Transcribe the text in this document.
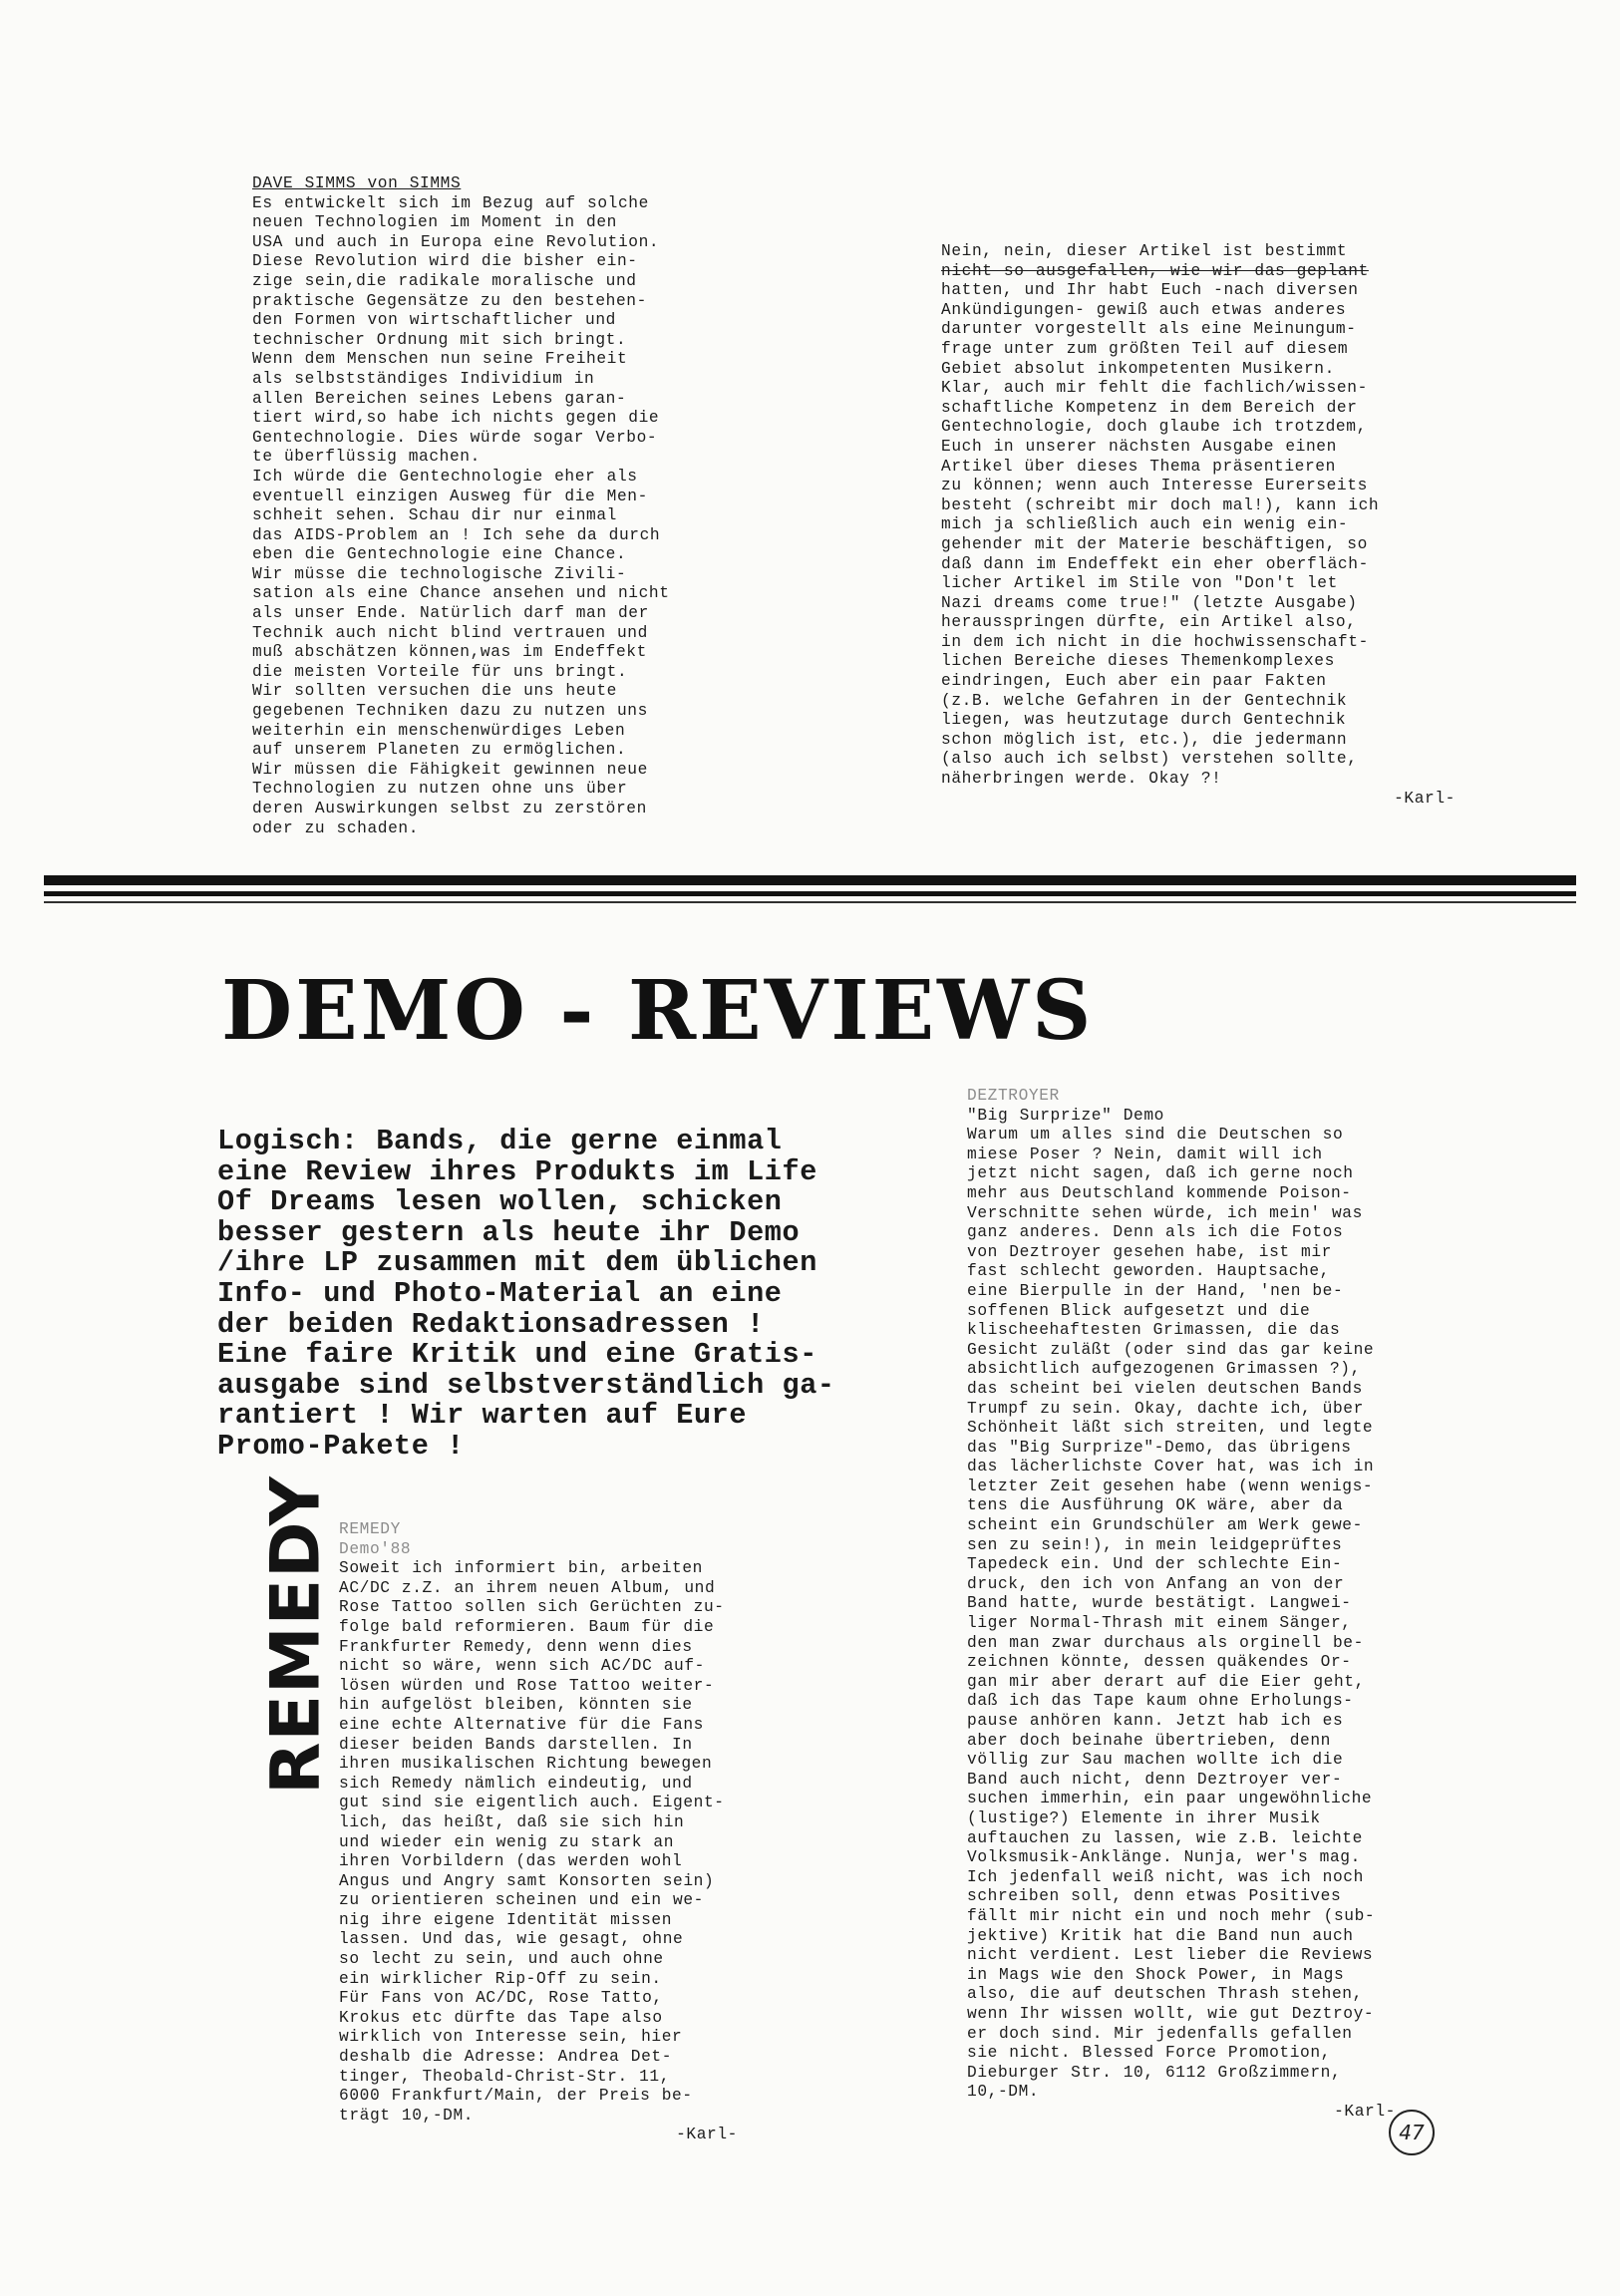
DAVE SIMMS von SIMMS
Es entwickelt sich im Bezug auf solche
neuen Technologien im Moment in den
USA und auch in Europa eine Revolution.
Diese Revolution wird die bisher ein-
zige sein,die radikale moralische und
praktische Gegensätze zu den bestehen-
den Formen von wirtschaftlicher und
technischer Ordnung mit sich bringt.
Wenn dem Menschen nun seine Freiheit
als selbstständiges Individium in
allen Bereichen seines Lebens garan-
tiert wird,so habe ich nichts gegen die
Gentechnologie. Dies würde sogar Verbo-
te überflüssig machen.
Ich würde die Gentechnologie eher als
eventuell einzigen Ausweg für die Men-
schheit sehen. Schau dir nur einmal
das AIDS-Problem an ! Ich sehe da durch
eben die Gentechnologie eine Chance.
Wir müsse die technologische Zivili-
sation als eine Chance ansehen und nicht
als unser Ende. Natürlich darf man der
Technik auch nicht blind vertrauen und
muß abschätzen können,was im Endeffekt
die meisten Vorteile für uns bringt.
Wir sollten versuchen die uns heute
gegebenen Techniken dazu zu nutzen uns
weiterhin ein menschenwürdiges Leben
auf unserem Planeten zu ermöglichen.
Wir müssen die Fähigkeit gewinnen neue
Technologien zu nutzen ohne uns über
deren Auswirkungen selbst zu zerstören
oder zu schaden.
Nein, nein, dieser Artikel ist bestimmt
nicht so ausgefallen, wie wir das geplant
hatten, und Ihr habt Euch -nach diversen
Ankündigungen- gewiß auch etwas anderes
darunter vorgestellt als eine Meinungum-
frage unter zum größten Teil auf diesem
Gebiet absolut inkompetenten Musikern.
Klar, auch mir fehlt die fachlich/wissen-
schaftliche Kompetenz in dem Bereich der
Gentechnologie, doch glaube ich trotzdem,
Euch in unserer nächsten Ausgabe einen
Artikel über dieses Thema präsentieren
zu können; wenn auch Interesse Eurerseits
besteht (schreibt mir doch mal!), kann ich
mich ja schließlich auch ein wenig ein-
gehender mit der Materie beschäftigen, so
daß dann im Endeffekt ein eher oberfläch-
licher Artikel im Stile von "Don't let
Nazi dreams come true!" (letzte Ausgabe)
herausspringen dürfte, ein Artikel also,
in dem ich nicht in die hochwissenschaft-
lichen Bereiche dieses Themenkomplexes
eindringen, Euch aber ein paar Fakten
(z.B. welche Gefahren in der Gentechnik
liegen, was heutzutage durch Gentechnik
schon möglich ist, etc.), die jedermann
(also auch ich selbst) verstehen sollte,
näherbringen werde. Okay ?!
-Karl-
DEMO - REVIEWS
Logisch: Bands, die gerne einmal
eine Review ihres Produkts im Life
Of Dreams lesen wollen, schicken
besser gestern als heute ihr Demo
/ihre LP zusammen mit dem üblichen
Info- und Photo-Material an eine
der beiden Redaktionsadressen !
Eine faire Kritik und eine Gratis-
ausgabe sind selbstverständlich ga-
rantiert ! Wir warten auf Eure
Promo-Pakete !
REMEDY REMEDY
Demo'88
Soweit ich informiert bin, arbeiten
AC/DC z.Z. an ihrem neuen Album, und
Rose Tattoo sollen sich Gerüchten zu-
folge bald reformieren. Baum für die
Frankfurter Remedy, denn wenn dies
nicht so wäre, wenn sich AC/DC auf-
lösen würden und Rose Tattoo weiter-
hin aufgelöst bleiben, könnten sie
eine echte Alternative für die Fans
dieser beiden Bands darstellen. In
ihren musikalischen Richtung bewegen
sich Remedy nämlich eindeutig, und
gut sind sie eigentlich auch. Eigent-
lich, das heißt, daß sie sich hin
und wieder ein wenig zu stark an
ihren Vorbildern (das werden wohl
Angus und Angry samt Konsorten sein)
zu orientieren scheinen und ein we-
nig ihre eigene Identität missen
lassen. Und das, wie gesagt, ohne
so lecht zu sein, und auch ohne
ein wirklicher Rip-Off zu sein.
Für Fans von AC/DC, Rose Tatto,
Krokus etc dürfte das Tape also
wirklich von Interesse sein, hier
deshalb die Adresse: Andrea Det-
tinger, Theobald-Christ-Str. 11,
6000 Frankfurt/Main, der Preis be-
trägt 10,-DM.
-Karl-
DEZTROYER
"Big Surprize" Demo
Warum um alles sind die Deutschen so
miese Poser ? Nein, damit will ich
jetzt nicht sagen, daß ich gerne noch
mehr aus Deutschland kommende Poison-
Verschnitte sehen würde, ich mein' was
ganz anderes. Denn als ich die Fotos
von Deztroyer gesehen habe, ist mir
fast schlecht geworden. Hauptsache,
eine Bierpulle in der Hand, 'nen be-
soffenen Blick aufgesetzt und die
klischeehaftesten Grimassen, die das
Gesicht zuläßt (oder sind das gar keine
absichtlich aufgezogenen Grimassen ?),
das scheint bei vielen deutschen Bands
Trumpf zu sein. Okay, dachte ich, über
Schönheit läßt sich streiten, und legte
das "Big Surprize"-Demo, das übrigens
das lächerlichste Cover hat, was ich in
letzter Zeit gesehen habe (wenn wenigs-
tens die Ausführung OK wäre, aber da
scheint ein Grundschüler am Werk gewe-
sen zu sein!), in mein leidgeprüftes
Tapedeck ein. Und der schlechte Ein-
druck, den ich von Anfang an von der
Band hatte, wurde bestätigt. Langwei-
liger Normal-Thrash mit einem Sänger,
den man zwar durchaus als orginell be-
zeichnen könnte, dessen quäkendes Or-
gan mir aber derart auf die Eier geht,
daß ich das Tape kaum ohne Erholungs-
pause anhören kann. Jetzt hab ich es
aber doch beinahe übertrieben, denn
völlig zur Sau machen wollte ich die
Band auch nicht, denn Deztroyer ver-
suchen immerhin, ein paar ungewöhnliche
(lustige?) Elemente in ihrer Musik
auftauchen zu lassen, wie z.B. leichte
Volksmusik-Anklänge. Nunja, wer's mag.
Ich jedenfall weiß nicht, was ich noch
schreiben soll, denn etwas Positives
fällt mir nicht ein und noch mehr (sub-
jektive) Kritik hat die Band nun auch
nicht verdient. Lest lieber die Reviews
in Mags wie den Shock Power, in Mags
also, die auf deutschen Thrash stehen,
wenn Ihr wissen wollt, wie gut Deztroy-
er doch sind. Mir jedenfalls gefallen
sie nicht. Blessed Force Promotion,
Dieburger Str. 10, 6112 Großzimmern,
10,-DM.
-Karl-
47
